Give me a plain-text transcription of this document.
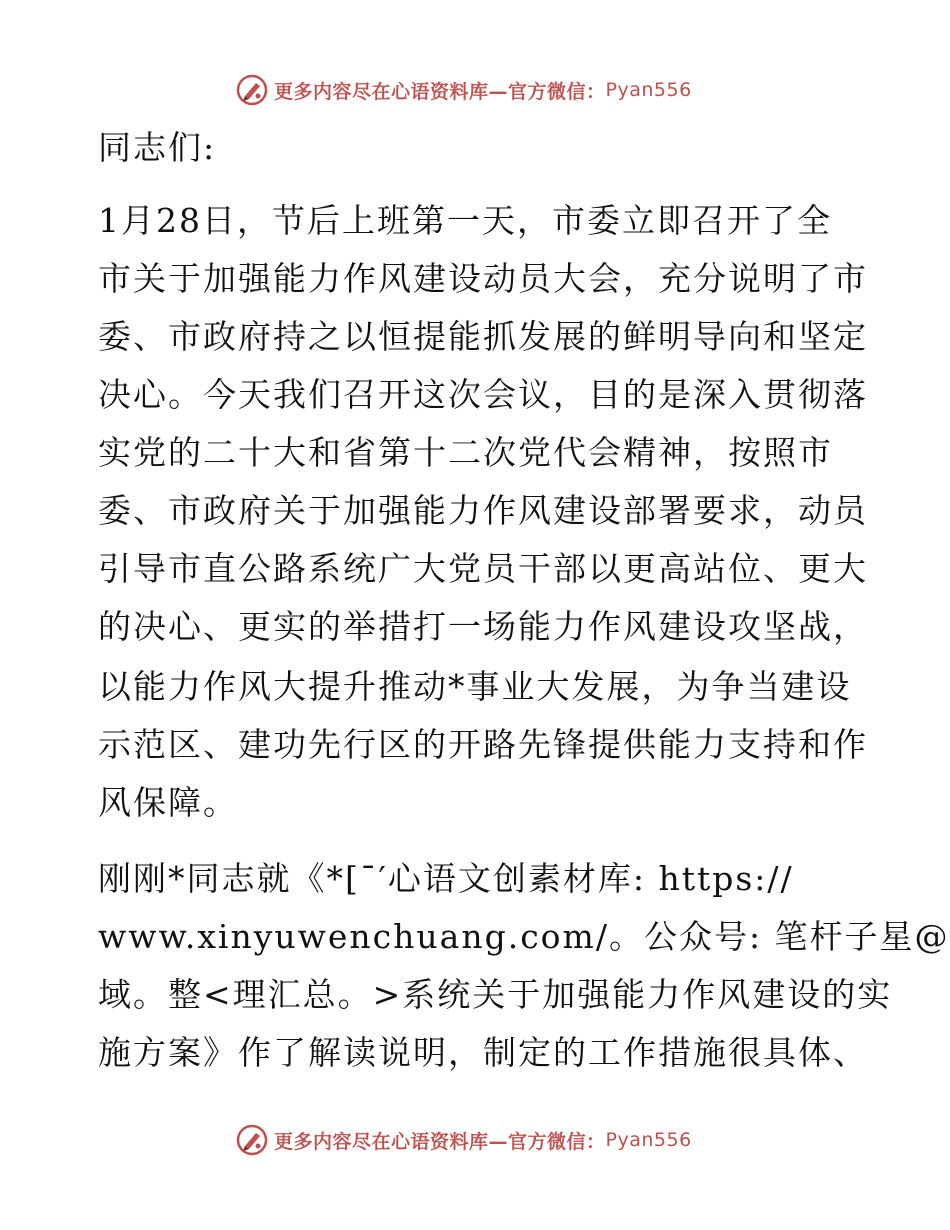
更多内容尽在心语资料库—官方微信： Pyan556
同志们:
1月28日，节后上班第一天，市委立即召开了全
市关于加强能力作风建设动员大会，充分说明了市
委、市政府持之以恒提能抓发展的鲜明导向和坚定
决心。今天我们召开这次会议，目的是深入贯彻落
实党的二十大和省第十二次党代会精神，按照市
委、市政府关于加强能力作风建设部署要求，动员
引导市直公路系统广大党员干部以更高站位、更大
的决心、更实的举措打一场能力作风建设攻坚战，
以能力作风大提升推动*事业大发展，为争当建设
示范区、建功先行区的开路先锋提供能力支持和作
风保障。
刚刚*同志就《*[¯′心语文创素材库: https://
www.xinyuwenchuang.com/。公众号: 笔杆子星@
域。整<理汇总。>系统关于加强能力作风建设的实
施方案》作了解读说明，制定的工作措施很具体、
更多内容尽在心语资料库—官方微信： Pyan556
